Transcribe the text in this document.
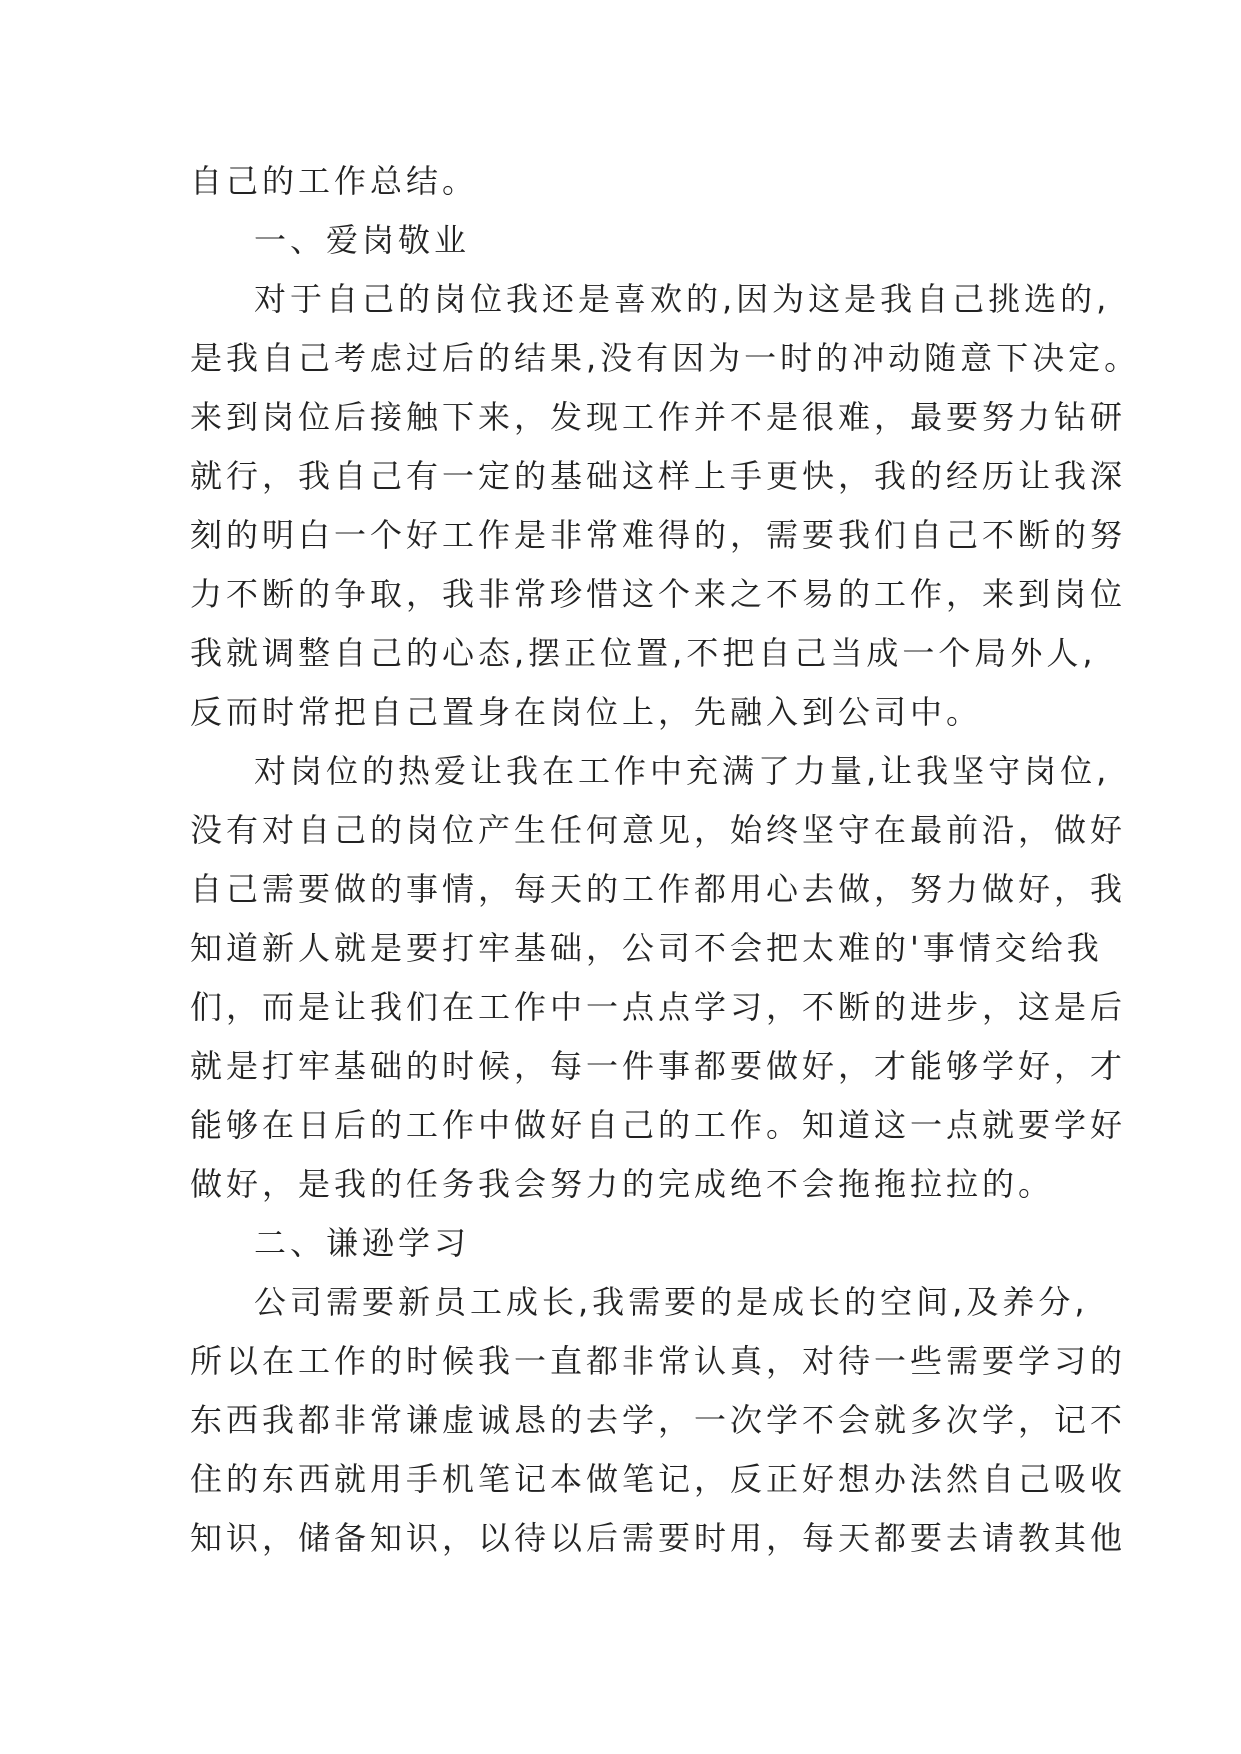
自己的工作总结。
一、爱岗敬业
对于自己的岗位我还是喜欢的,因为这是我自己挑选的,
是我自己考虑过后的结果,没有因为一时的冲动随意下决定。
来到岗位后接触下来，发现工作并不是很难，最要努力钻研
就行，我自己有一定的基础这样上手更快，我的经历让我深
刻的明白一个好工作是非常难得的，需要我们自己不断的努
力不断的争取，我非常珍惜这个来之不易的工作，来到岗位
我就调整自己的心态,摆正位置,不把自己当成一个局外人,
反而时常把自己置身在岗位上，先融入到公司中。
对岗位的热爱让我在工作中充满了力量,让我坚守岗位,
没有对自己的岗位产生任何意见，始终坚守在最前沿，做好
自己需要做的事情，每天的工作都用心去做，努力做好，我
知道新人就是要打牢基础，公司不会把太难的'事情交给我
们，而是让我们在工作中一点点学习，不断的进步，这是后
就是打牢基础的时候，每一件事都要做好，才能够学好，才
能够在日后的工作中做好自己的工作。知道这一点就要学好
做好，是我的任务我会努力的完成绝不会拖拖拉拉的。
二、谦逊学习
公司需要新员工成长,我需要的是成长的空间,及养分,
所以在工作的时候我一直都非常认真，对待一些需要学习的
东西我都非常谦虚诚恳的去学，一次学不会就多次学，记不
住的东西就用手机笔记本做笔记，反正好想办法然自己吸收
知识，储备知识，以待以后需要时用，每天都要去请教其他
